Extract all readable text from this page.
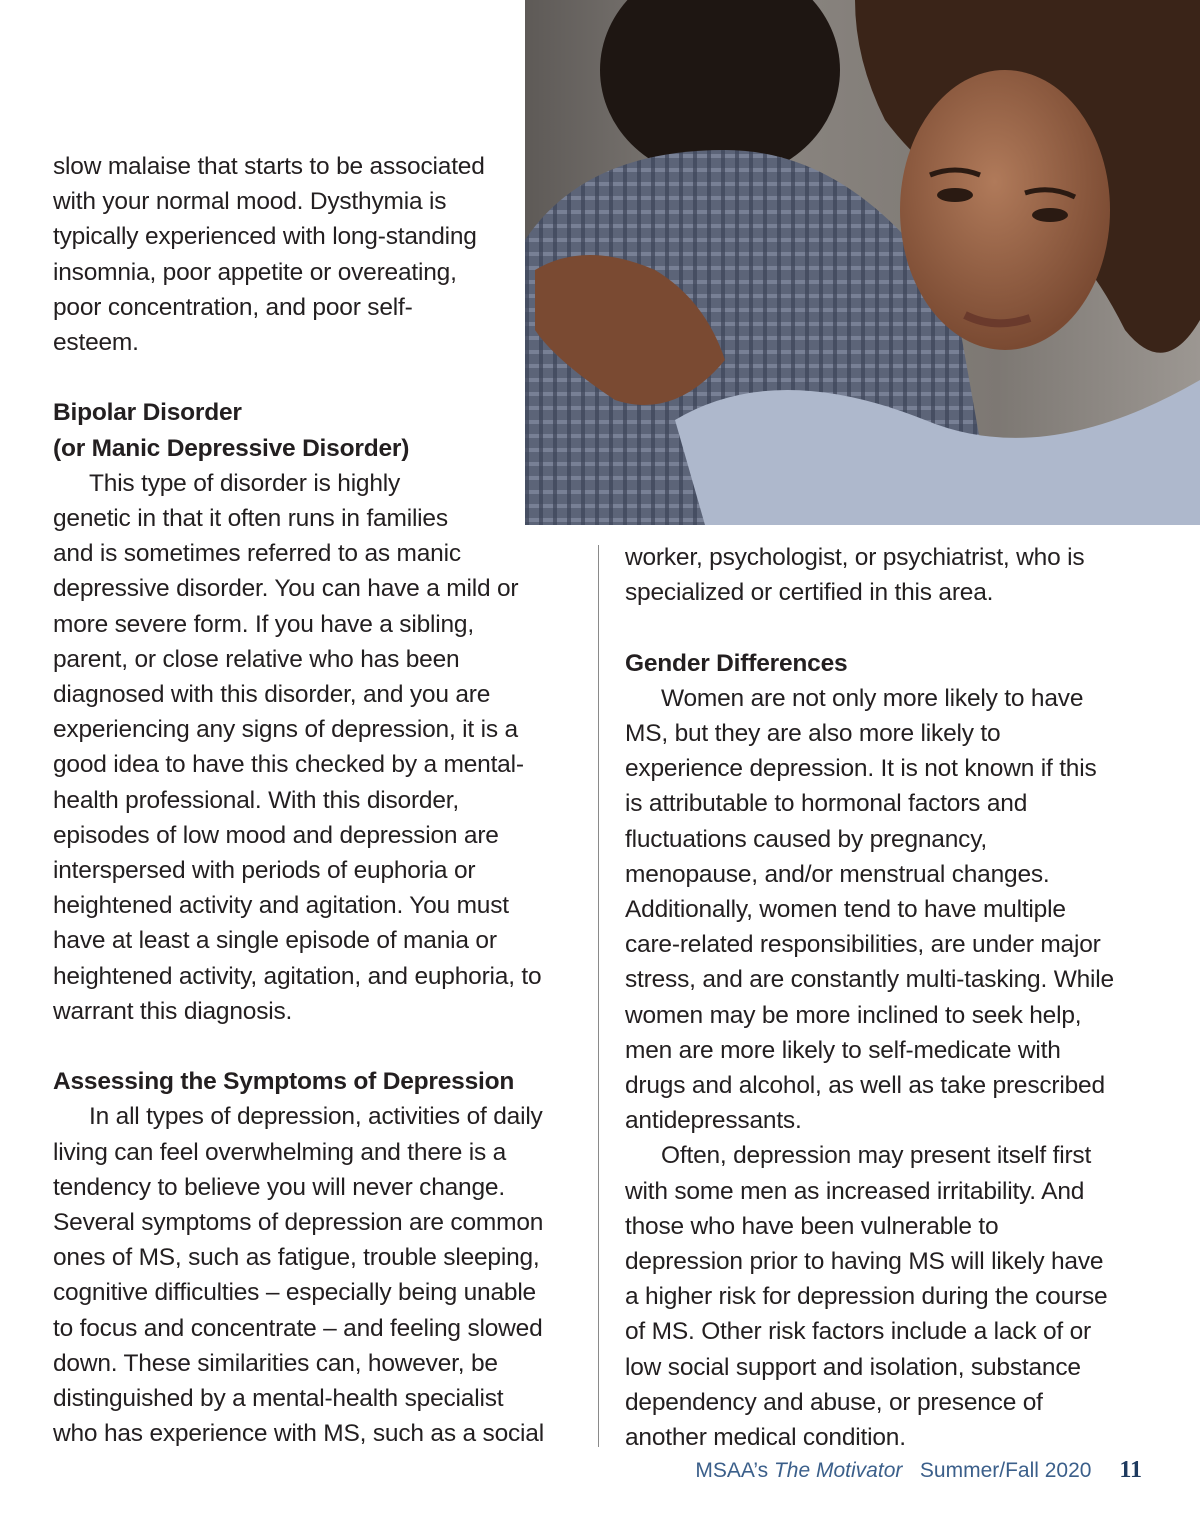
slow malaise that starts to be associated
with your normal mood. Dysthymia is
typically experienced with long-standing
insomnia, poor appetite or overeating,
poor concentration, and poor self-
esteem.

Bipolar Disorder
(or Manic Depressive Disorder)

This type of disorder is highly
genetic in that it often runs in families
and is sometimes referred to as manic
depressive disorder. You can have a mild or
more severe form. If you have a sibling,
parent, or close relative who has been
diagnosed with this disorder, and you are
experiencing any signs of depression, it is a
good idea to have this checked by a mental-
health professional. With this disorder,
episodes of low mood and depression are
interspersed with periods of euphoria or
heightened activity and agitation. You must
have at least a single episode of mania or
heightened activity, agitation, and euphoria, to
warrant this diagnosis.

Assessing the Symptoms of Depression

In all types of depression, activities of daily
living can feel overwhelming and there is a
tendency to believe you will never change.
Several symptoms of depression are common
ones of MS, such as fatigue, trouble sleeping,
cognitive difficulties – especially being unable
to focus and concentrate – and feeling slowed
down. These similarities can, however, be
distinguished by a mental-health specialist
who has experience with MS, such as a social

worker, psychologist, or psychiatrist, who is
specialized or certified in this area.

Gender Differences

Women are not only more likely to have
MS, but they are also more likely to
experience depression. It is not known if this
is attributable to hormonal factors and
fluctuations caused by pregnancy,
menopause, and/or menstrual changes.
Additionally, women tend to have multiple
care-related responsibilities, are under major
stress, and are constantly multi-tasking. While
women may be more inclined to seek help,
men are more likely to self-medicate with
drugs and alcohol, as well as take prescribed
antidepressants.

Often, depression may present itself first
with some men as increased irritability. And
those who have been vulnerable to
depression prior to having MS will likely have
a higher risk for depression during the course
of MS. Other risk factors include a lack of or
low social support and isolation, substance
dependency and abuse, or presence of
another medical condition.

MSAA’s The Motivator Summer/Fall 2020 11
